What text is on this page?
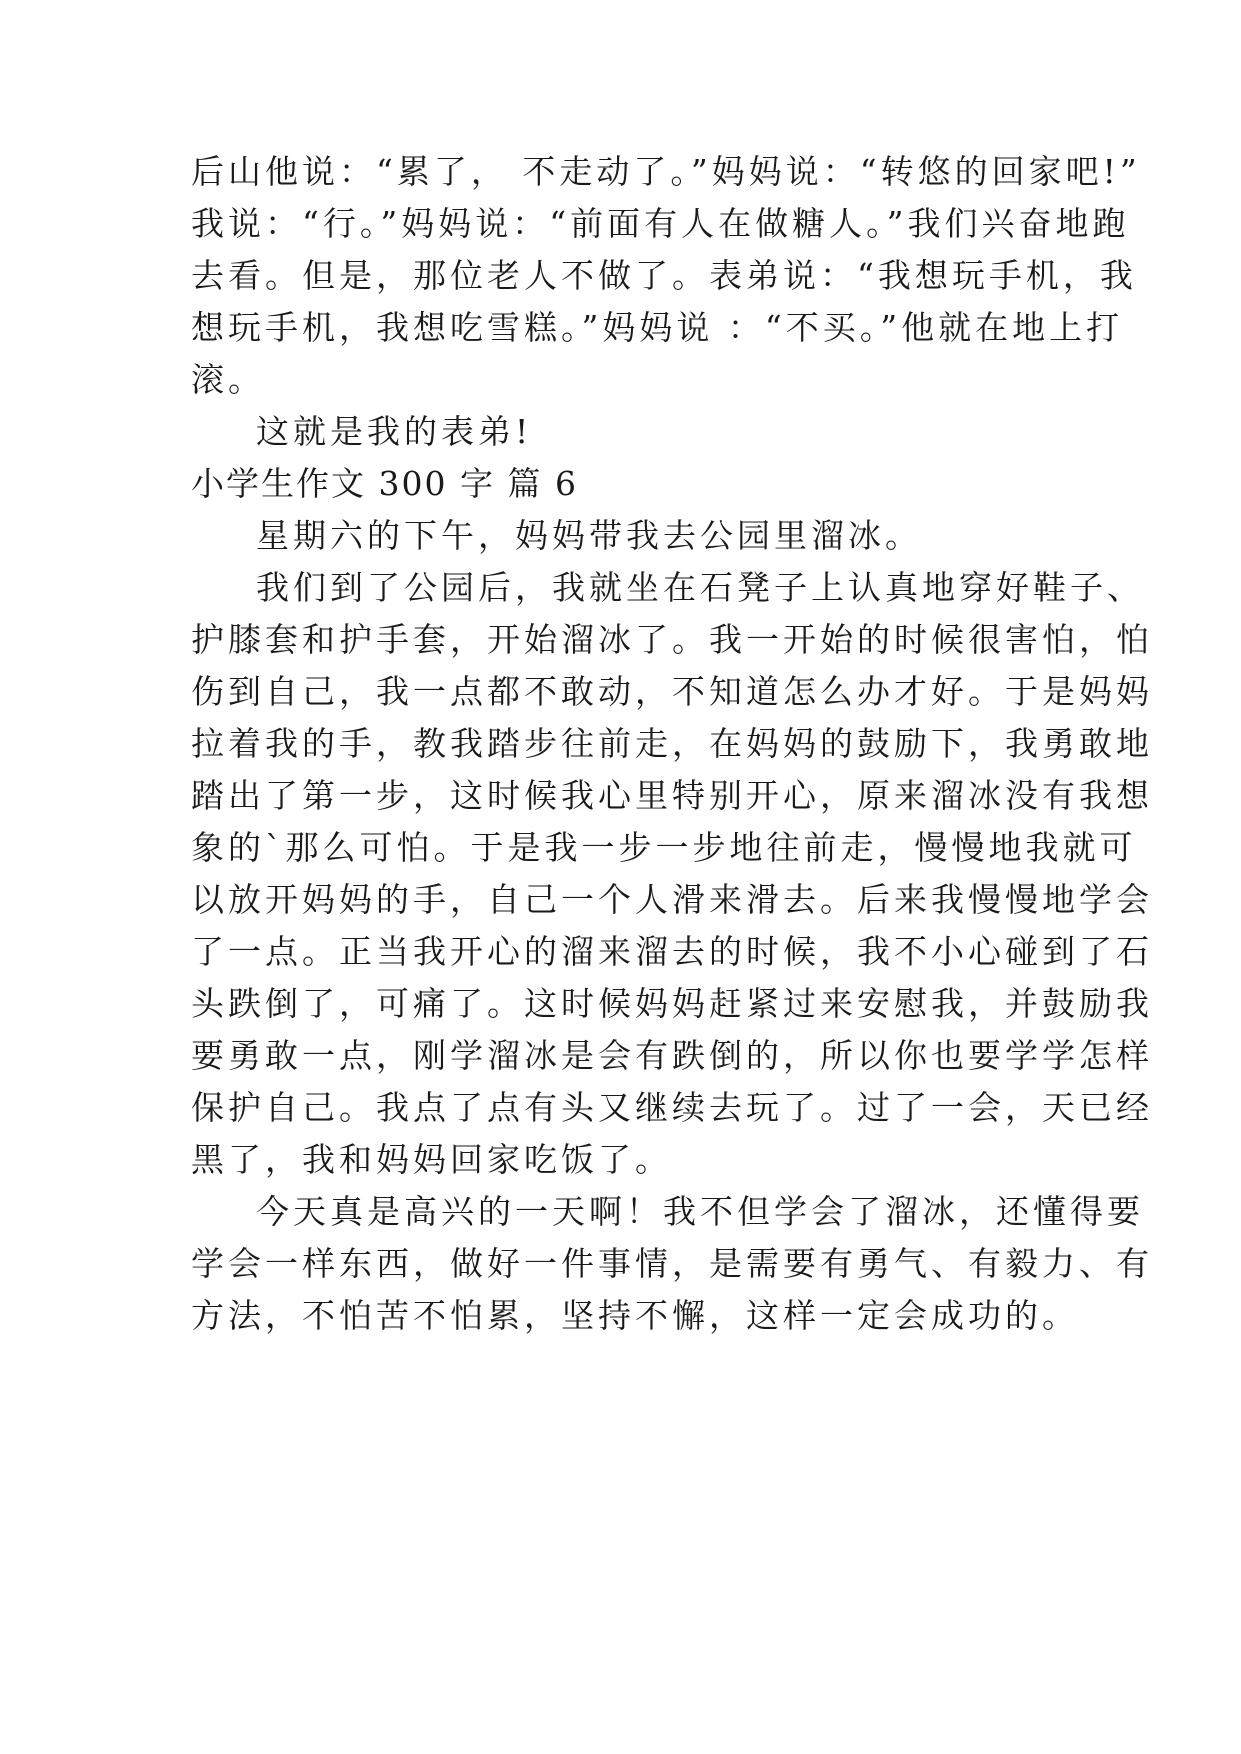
后山他说：“累了， 不走动了。”妈妈说：“转悠的回家吧!”
我说：“行。”妈妈说：“前面有人在做糖人。”我们兴奋地跑
去看。但是，那位老人不做了。表弟说：“我想玩手机，我
想玩手机，我想吃雪糕。”妈妈说 ：“不买。”他就在地上打
滚。
这就是我的表弟!
小学生作文 300 字 篇 6
星期六的下午，妈妈带我去公园里溜冰。
我们到了公园后，我就坐在石凳子上认真地穿好鞋子、
护膝套和护手套，开始溜冰了。我一开始的时候很害怕，怕
伤到自己，我一点都不敢动，不知道怎么办才好。于是妈妈
拉着我的手，教我踏步往前走，在妈妈的鼓励下，我勇敢地
踏出了第一步，这时候我心里特别开心，原来溜冰没有我想
象的`那么可怕。于是我一步一步地往前走，慢慢地我就可
以放开妈妈的手，自己一个人滑来滑去。后来我慢慢地学会
了一点。正当我开心的溜来溜去的时候，我不小心碰到了石
头跌倒了，可痛了。这时候妈妈赶紧过来安慰我，并鼓励我
要勇敢一点，刚学溜冰是会有跌倒的，所以你也要学学怎样
保护自己。我点了点有头又继续去玩了。过了一会，天已经
黑了，我和妈妈回家吃饭了。
今天真是高兴的一天啊！我不但学会了溜冰，还懂得要
学会一样东西，做好一件事情，是需要有勇气、有毅力、有
方法，不怕苦不怕累，坚持不懈，这样一定会成功的。
